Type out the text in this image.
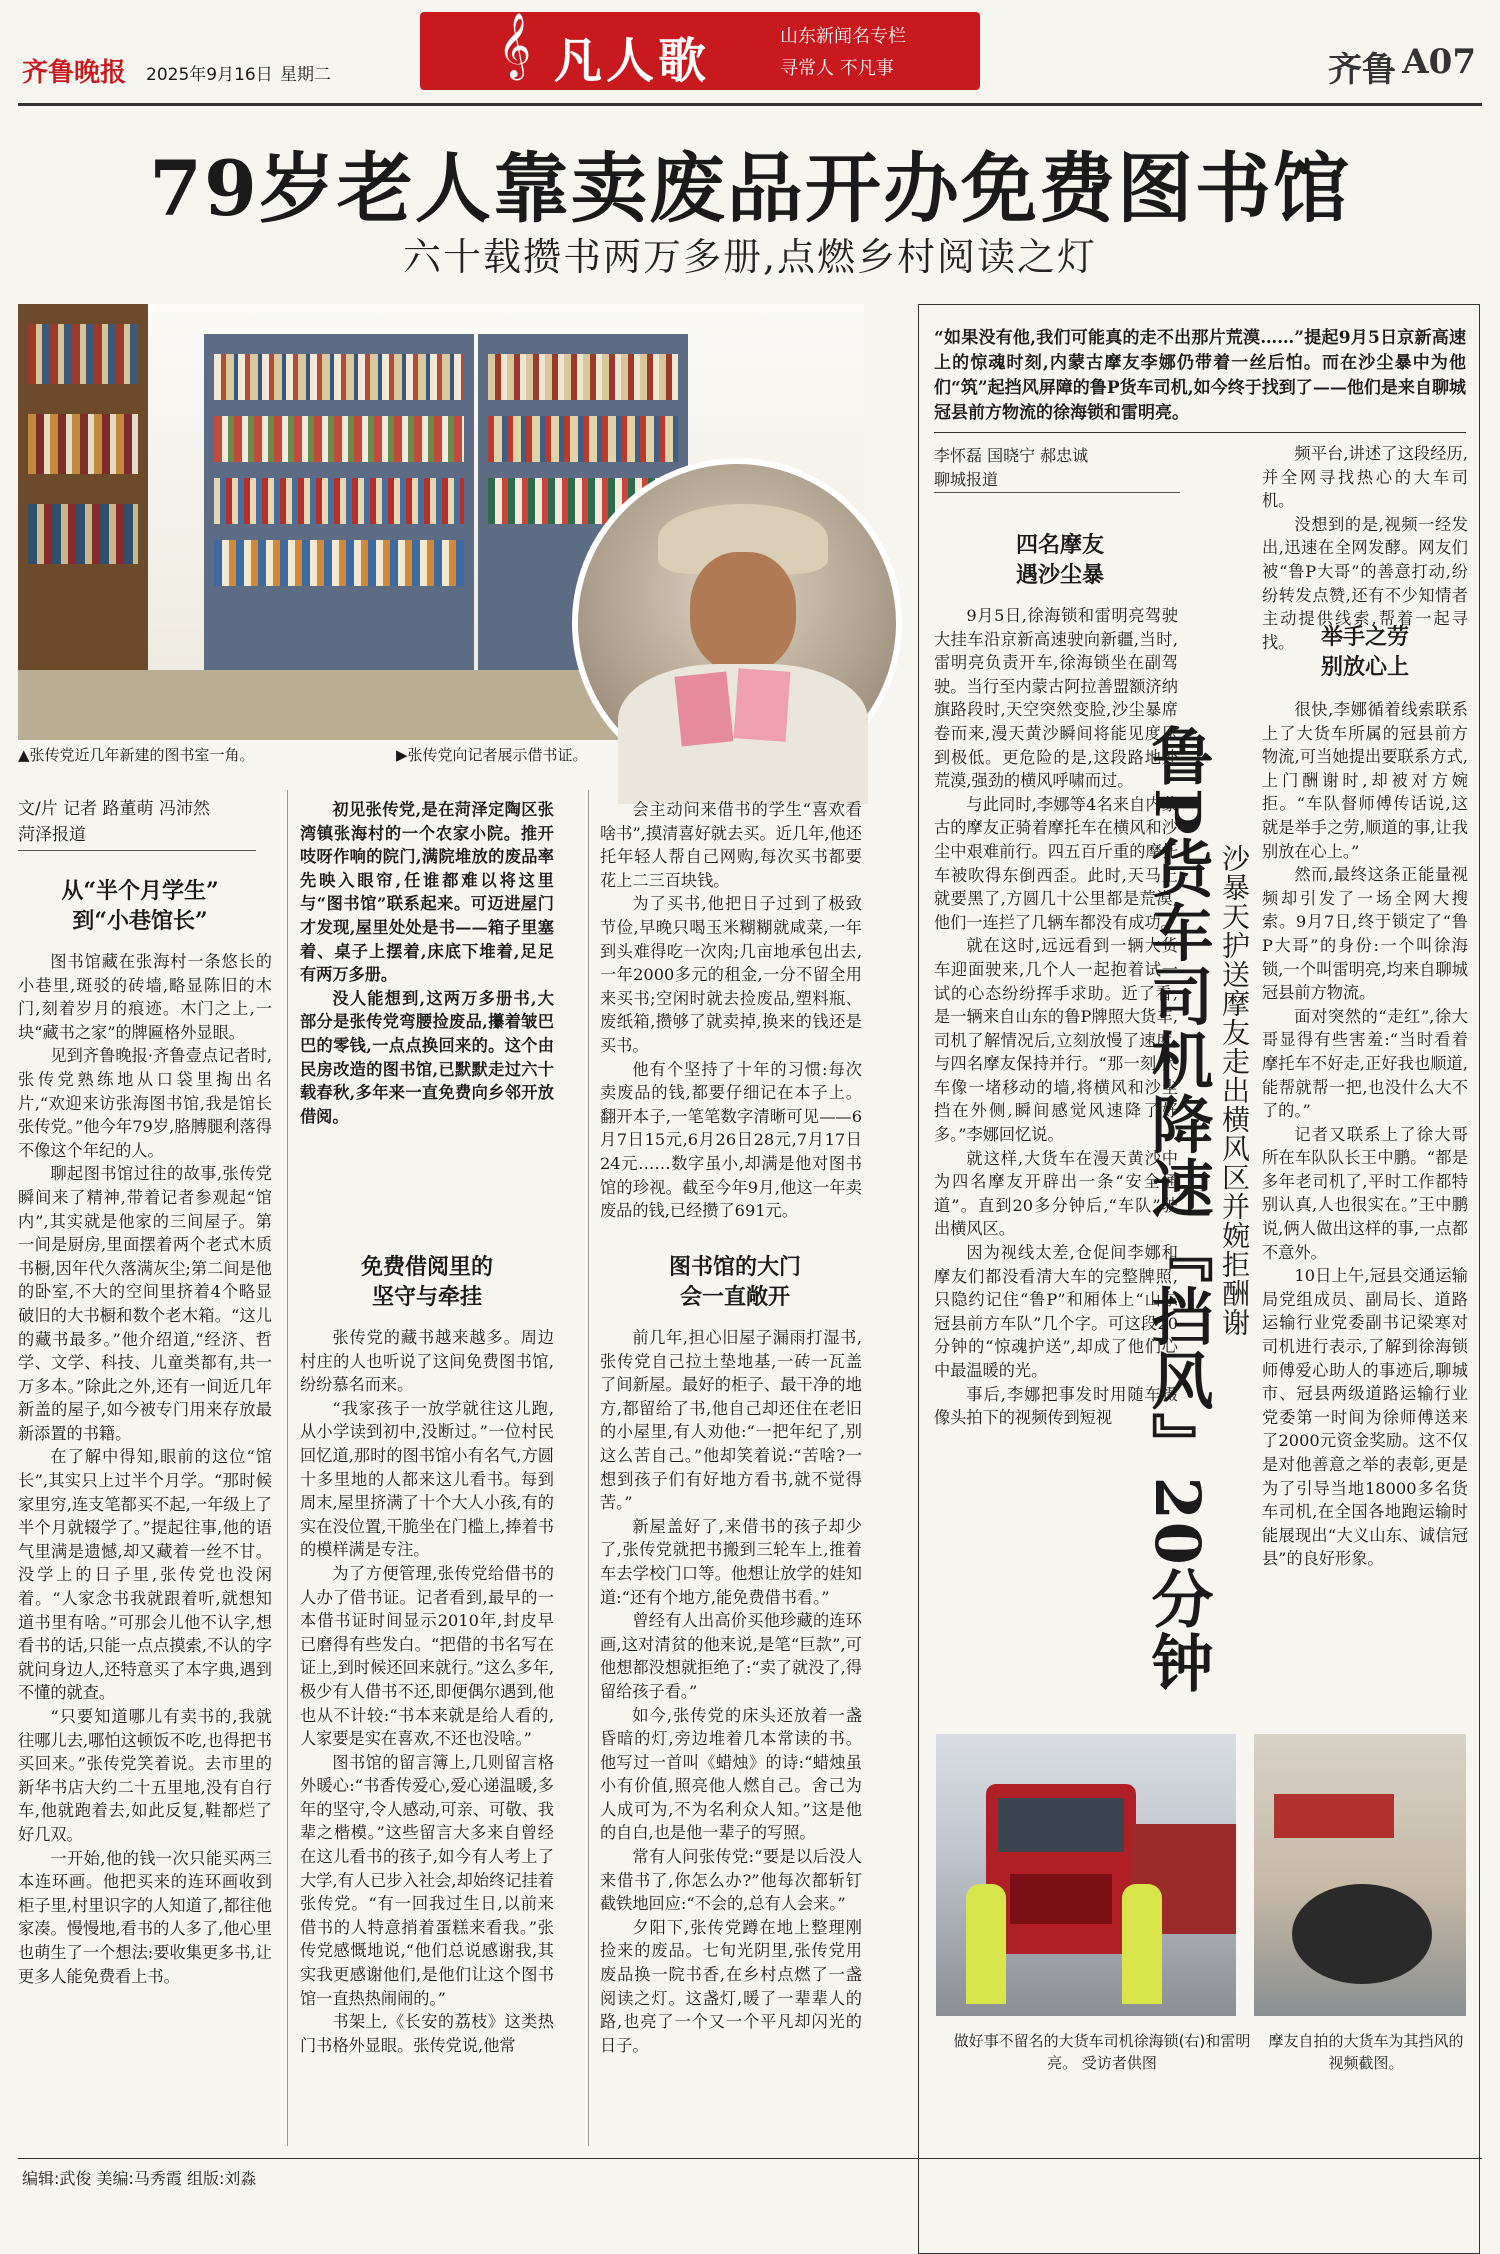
齐鲁晚报 2025年9月16日 星期二	𝄞 凡人歌	山东新闻名专栏
寻常人 不凡事	齐鲁 A07
79岁老人靠卖废品开办免费图书馆
六十载攒书两万多册,点燃乡村阅读之灯
▲张传党近几年新建的图书室一角。	▶张传党向记者展示借书证。
文/片 记者 路董萌 冯沛然
菏泽报道
从“半个月学生”
到“小巷馆长”

图书馆藏在张海村一条悠长的小巷里,斑驳的砖墙,略显陈旧的木门,刻着岁月的痕迹。木门之上,一块“藏书之家”的牌匾格外显眼。

见到齐鲁晚报·齐鲁壹点记者时,张传党熟练地从口袋里掏出名片,“欢迎来访张海图书馆,我是馆长张传党。”他今年79岁,胳膊腿利落得不像这个年纪的人。

聊起图书馆过往的故事,张传党瞬间来了精神,带着记者参观起“馆内”,其实就是他家的三间屋子。第一间是厨房,里面摆着两个老式木质书橱,因年代久落满灰尘;第二间是他的卧室,不大的空间里挤着4个略显破旧的大书橱和数个老木箱。“这儿的藏书最多。”他介绍道,“经济、哲学、文学、科技、儿童类都有,共一万多本。”除此之外,还有一间近几年新盖的屋子,如今被专门用来存放最新添置的书籍。

在了解中得知,眼前的这位“馆长”,其实只上过半个月学。“那时候家里穷,连支笔都买不起,一年级上了半个月就辍学了。”提起往事,他的语气里满是遗憾,却又藏着一丝不甘。没学上的日子里,张传党也没闲着。“人家念书我就跟着听,就想知道书里有啥。”可那会儿他不认字,想看书的话,只能一点点摸索,不认的字就问身边人,还特意买了本字典,遇到不懂的就查。

“只要知道哪儿有卖书的,我就往哪儿去,哪怕这顿饭不吃,也得把书买回来。”张传党笑着说。去市里的新华书店大约二十五里地,没有自行车,他就跑着去,如此反复,鞋都烂了好几双。

一开始,他的钱一次只能买两三本连环画。他把买来的连环画收到柜子里,村里识字的人知道了,都往他家凑。慢慢地,看书的人多了,他心里也萌生了一个想法:要收集更多书,让更多人能免费看上书。

初见张传党,是在菏泽定陶区张湾镇张海村的一个农家小院。推开吱呀作响的院门,满院堆放的废品率先映入眼帘,任谁都难以将这里与“图书馆”联系起来。可迈进屋门才发现,屋里处处是书——箱子里塞着、桌子上摆着,床底下堆着,足足有两万多册。

没人能想到,这两万多册书,大部分是张传党弯腰捡废品,攥着皱巴巴的零钱,一点点换回来的。这个由民房改造的图书馆,已默默走过六十载春秋,多年来一直免费向乡邻开放借阅。

免费借阅里的
坚守与牵挂

张传党的藏书越来越多。周边村庄的人也听说了这间免费图书馆,纷纷慕名而来。

“我家孩子一放学就往这儿跑,从小学读到初中,没断过。”一位村民回忆道,那时的图书馆小有名气,方圆十多里地的人都来这儿看书。每到周末,屋里挤满了十个大人小孩,有的实在没位置,干脆坐在门槛上,捧着书的模样满是专注。

为了方便管理,张传党给借书的人办了借书证。记者看到,最早的一本借书证时间显示2010年,封皮早已磨得有些发白。“把借的书名写在证上,到时候还回来就行。”这么多年,极少有人借书不还,即便偶尔遇到,他也从不计较:“书本来就是给人看的,人家要是实在喜欢,不还也没啥。”

图书馆的留言簿上,几则留言格外暖心:“书香传爱心,爱心递温暖,多年的坚守,令人感动,可亲、可敬、我辈之楷模。”这些留言大多来自曾经在这儿看书的孩子,如今有人考上了大学,有人已步入社会,却始终记挂着张传党。“有一回我过生日,以前来借书的人特意捎着蛋糕来看我。”张传党感慨地说,“他们总说感谢我,其实我更感谢他们,是他们让这个图书馆一直热热闹闹的。”

书架上,《长安的荔枝》这类热门书格外显眼。张传党说,他常

会主动问来借书的学生“喜欢看啥书”,摸清喜好就去买。近几年,他还托年轻人帮自己网购,每次买书都要花上二三百块钱。

为了买书,他把日子过到了极致节俭,早晚只喝玉米糊糊就咸菜,一年到头难得吃一次肉;几亩地承包出去,一年2000多元的租金,一分不留全用来买书;空闲时就去捡废品,塑料瓶、废纸箱,攒够了就卖掉,换来的钱还是买书。

他有个坚持了十年的习惯:每次卖废品的钱,都要仔细记在本子上。翻开本子,一笔笔数字清晰可见——6月7日15元,6月26日28元,7月17日24元……数字虽小,却满是他对图书馆的珍视。截至今年9月,他这一年卖废品的钱,已经攒了691元。

图书馆的大门
会一直敞开

前几年,担心旧屋子漏雨打湿书,张传党自己拉土垫地基,一砖一瓦盖了间新屋。最好的柜子、最干净的地方,都留给了书,他自己却还住在老旧的小屋里,有人劝他:“一把年纪了,别这么苦自己。”他却笑着说:“苦啥?一想到孩子们有好地方看书,就不觉得苦。”

新屋盖好了,来借书的孩子却少了,张传党就把书搬到三轮车上,推着车去学校门口等。他想让放学的娃知道:“还有个地方,能免费借书看。”

曾经有人出高价买他珍藏的连环画,这对清贫的他来说,是笔“巨款”,可他想都没想就拒绝了:“卖了就没了,得留给孩子看。”

如今,张传党的床头还放着一盏昏暗的灯,旁边堆着几本常读的书。他写过一首叫《蜡烛》的诗:“蜡烛虽小有价值,照亮他人燃自己。舍己为人成可为,不为名利众人知。”这是他的自白,也是他一辈子的写照。

常有人问张传党:“要是以后没人来借书了,你怎么办?”他每次都斩钉截铁地回应:“不会的,总有人会来。”

夕阳下,张传党蹲在地上整理刚捡来的废品。七旬光阴里,张传党用废品换一院书香,在乡村点燃了一盏阅读之灯。这盏灯,暖了一辈辈人的路,也亮了一个又一个平凡却闪光的日子。

“如果没有他,我们可能真的走不出那片荒漠……”提起9月5日京新高速上的惊魂时刻,内蒙古摩友李娜仍带着一丝后怕。而在沙尘暴中为他们“筑”起挡风屏障的鲁P货车司机,如今终于找到了——他们是来自聊城冠县前方物流的徐海锁和雷明亮。
李怀磊 国晓宁 郝忠诚
聊城报道
四名摩友
遇沙尘暴

9月5日,徐海锁和雷明亮驾驶大挂车沿京新高速驶向新疆,当时,雷明亮负责开车,徐海锁坐在副驾驶。当行至内蒙古阿拉善盟额济纳旗路段时,天空突然变脸,沙尘暴席卷而来,漫天黄沙瞬间将能见度压到极低。更危险的是,这段路地处荒漠,强劲的横风呼啸而过。

与此同时,李娜等4名来自内蒙古的摩友正骑着摩托车在横风和沙尘中艰难前行。四五百斤重的摩托车被吹得东倒西歪。此时,天马上就要黑了,方圆几十公里都是荒漠,他们一连拦了几辆车都没有成功。

就在这时,远远看到一辆大货车迎面驶来,几个人一起抱着试一试的心态纷纷挥手求助。近了看,是一辆来自山东的鲁P牌照大货车,司机了解情况后,立刻放慢了速度,与四名摩友保持并行。“那一刻,大车像一堵移动的墙,将横风和沙尘挡在外侧,瞬间感觉风速降了好多。”李娜回忆说。

就这样,大货车在漫天黄沙中为四名摩友开辟出一条“安全通道”。直到20多分钟后,“车队”驶出横风区。

因为视线太差,仓促间李娜和摩友们都没看清大车的完整牌照,只隐约记住“鲁P”和厢体上“山东冠县前方车队”几个字。可这段20分钟的“惊魂护送”,却成了他们心中最温暖的光。

事后,李娜把事发时用随车摄像头拍下的视频传到短视 鲁P货车司机降速『挡风』20分钟 沙暴天护送摩友走出横风区并婉拒酬谢

频平台,讲述了这段经历,并全网寻找热心的大车司机。

没想到的是,视频一经发出,迅速在全网发酵。网友们被“鲁P大哥”的善意打动,纷纷转发点赞,还有不少知情者主动提供线索,帮着一起寻找。	举手之劳
别放心上

很快,李娜循着线索联系上了大货车所属的冠县前方物流,可当她提出要联系方式,上门酬谢时,却被对方婉拒。“车队督师傅传话说,这就是举手之劳,顺道的事,让我别放在心上。”

然而,最终这条正能量视频却引发了一场全网大搜索。9月7日,终于锁定了“鲁P大哥”的身份:一个叫徐海锁,一个叫雷明亮,均来自聊城冠县前方物流。

面对突然的“走红”,徐大哥显得有些害羞:“当时看着摩托车不好走,正好我也顺道,能帮就帮一把,也没什么大不了的。”

记者又联系上了徐大哥所在车队队长王中鹏。“都是多年老司机了,平时工作都特别认真,人也很实在。”王中鹏说,俩人做出这样的事,一点都不意外。

10日上午,冠县交通运输局党组成员、副局长、道路运输行业党委副书记梁寒对司机进行表示,了解到徐海锁师傅爱心助人的事迹后,聊城市、冠县两级道路运输行业党委第一时间为徐师傅送来了2000元资金奖励。这不仅是对他善意之举的表彰,更是为了引导当地18000多名货车司机,在全国各地跑运输时能展现出“大义山东、诚信冠县”的良好形象。

做好事不留名的大货车司机徐海锁(右)和雷明亮。 受访者供图
摩友自拍的大货车为其挡风的视频截图。
编辑:武俊 美编:马秀霞 组版:刘淼
